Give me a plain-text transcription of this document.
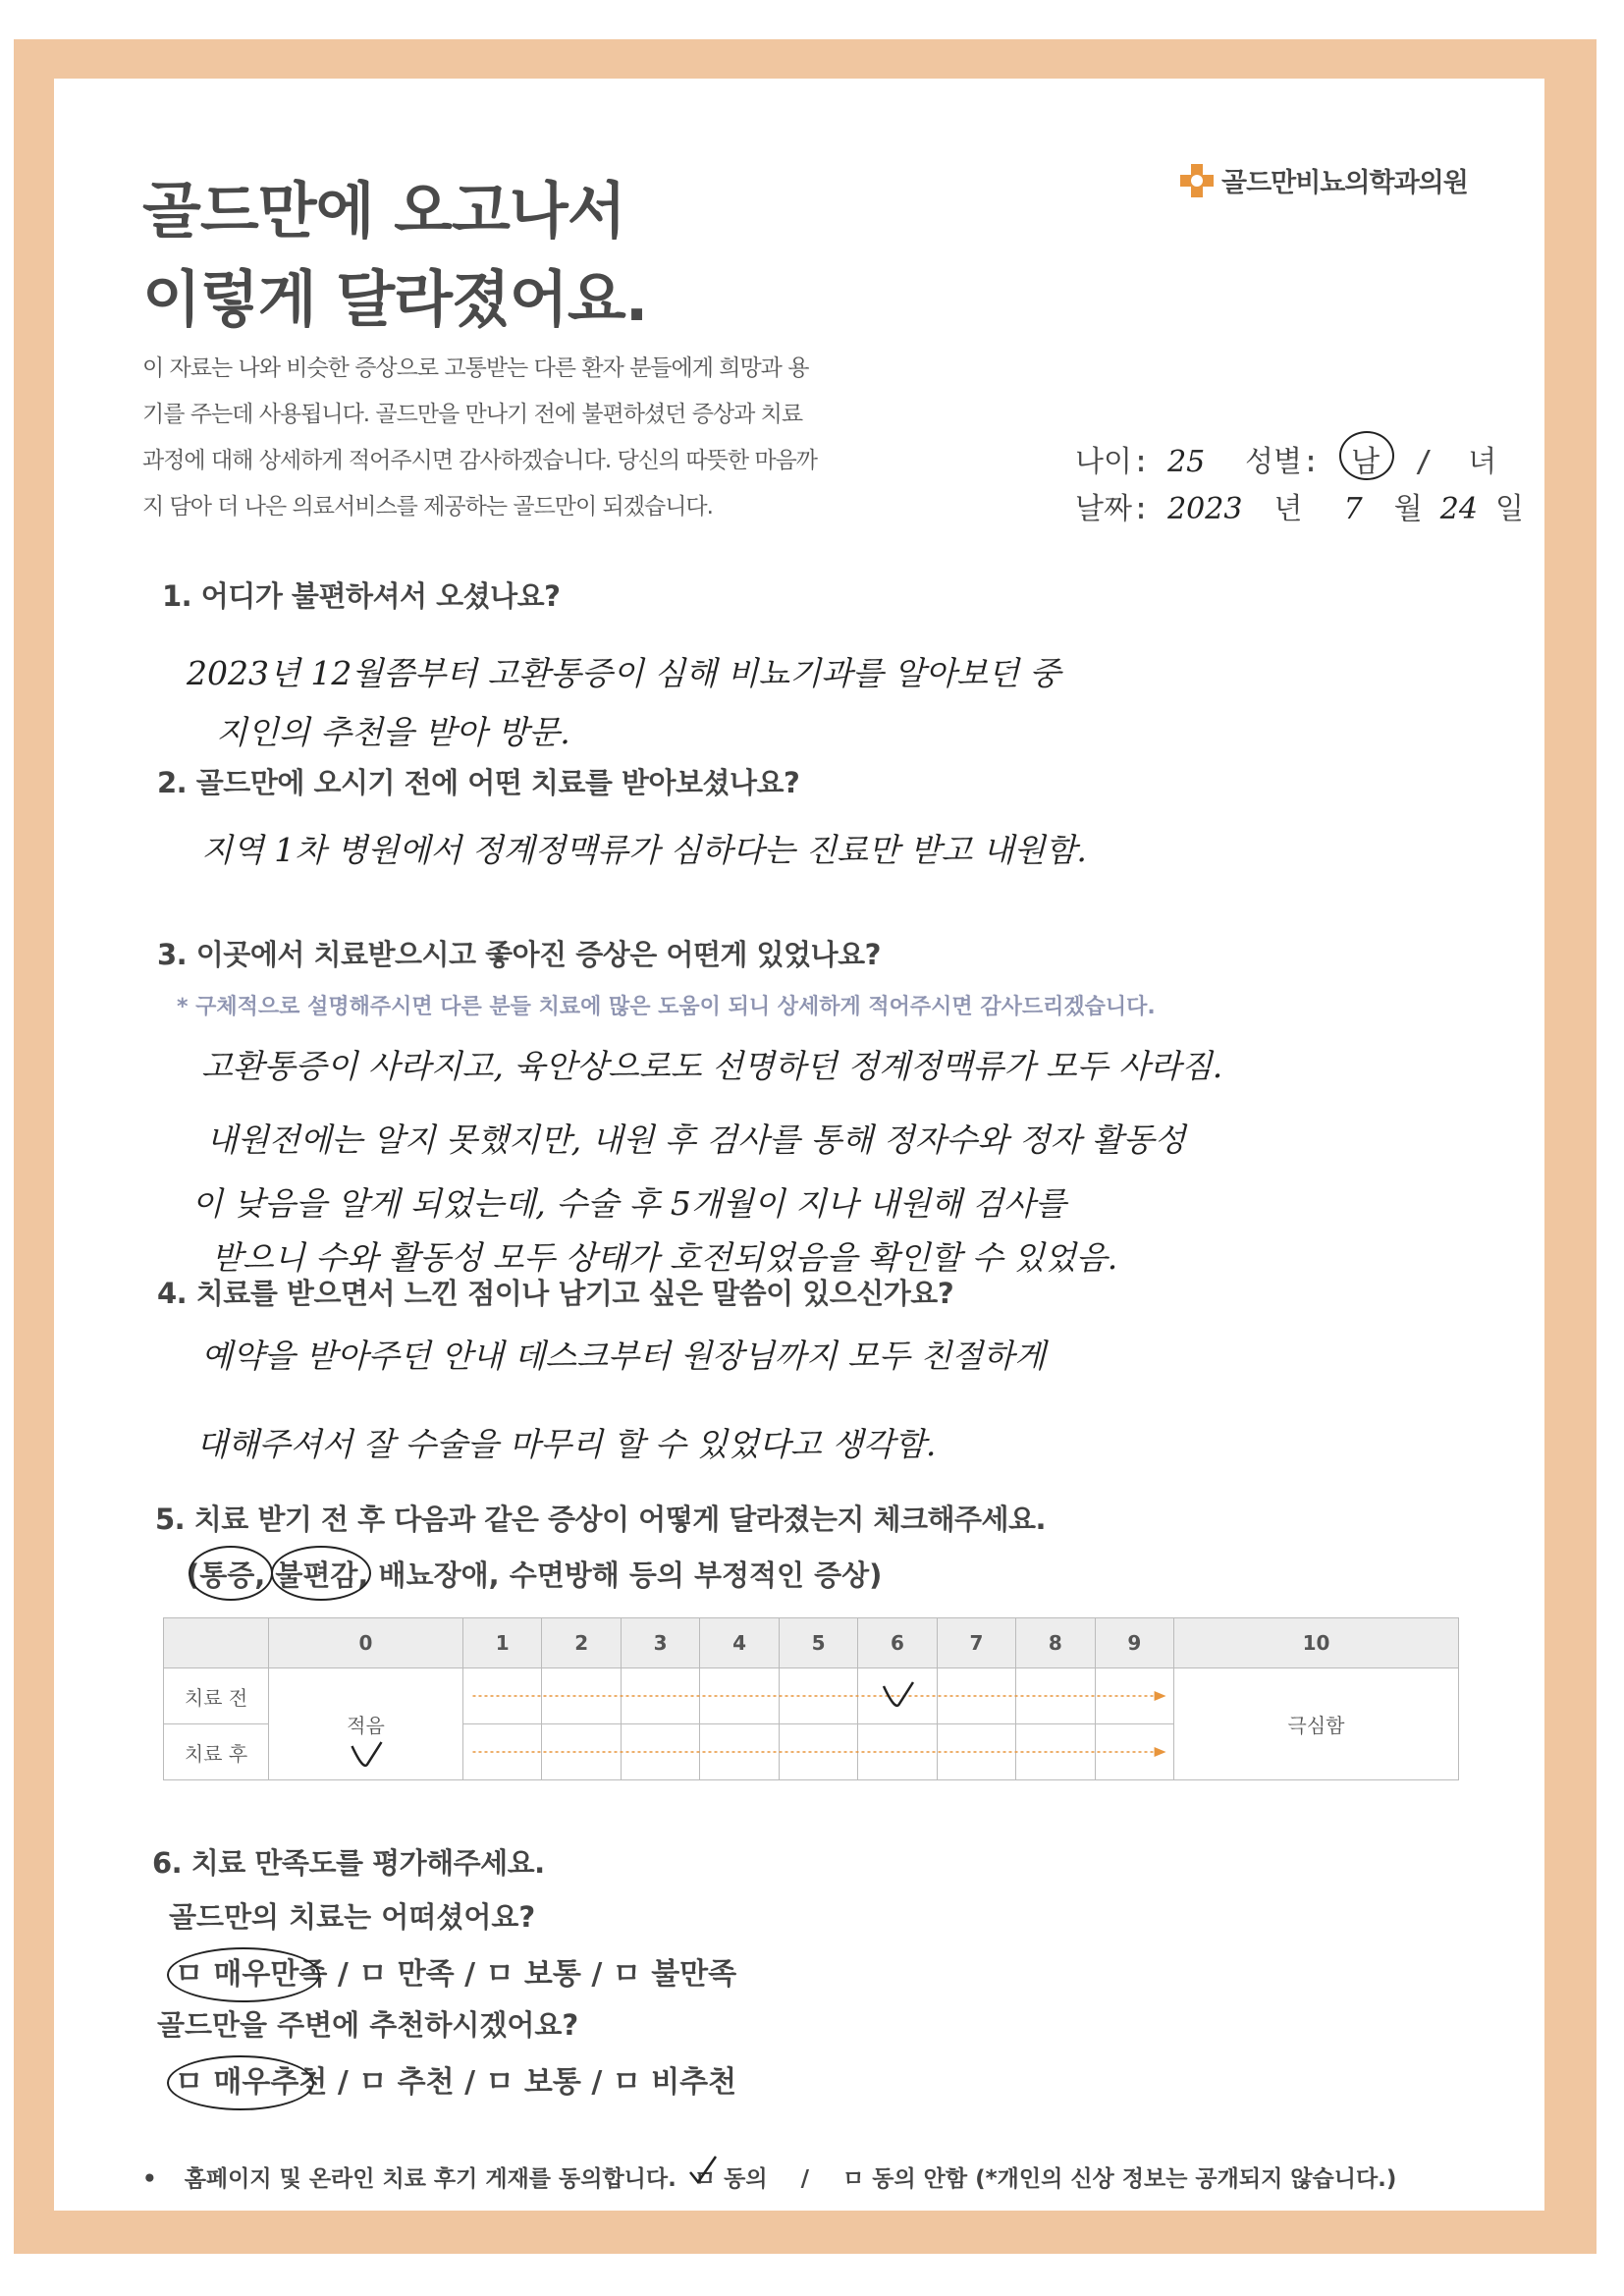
골드만비뇨의학과의원
골드만에 오고나서
이렇게 달라졌어요.
이 자료는 나와 비슷한 증상으로 고통받는 다른 환자 분들에게 희망과 용
기를 주는데 사용됩니다. 골드만을 만나기 전에 불편하셨던 증상과 치료
과정에 대해 상세하게 적어주시면 감사하겠습니다. 당신의 따뜻한 마음까
지 담아 더 나은 의료서비스를 제공하는 골드만이 되겠습니다.
나이: 25 성별: 남 / 녀
날짜: 2023 년 7 월 24 일
1. 어디가 불편하셔서 오셨나요?
2023년 12월쯤부터 고환통증이 심해 비뇨기과를 알아보던 중
지인의 추천을 받아 방문.
2. 골드만에 오시기 전에 어떤 치료를 받아보셨나요?
지역 1차 병원에서 정계정맥류가 심하다는 진료만 받고 내원함.
3. 이곳에서 치료받으시고 좋아진 증상은 어떤게 있었나요?
* 구체적으로 설명해주시면 다른 분들 치료에 많은 도움이 되니 상세하게 적어주시면 감사드리겠습니다.
고환통증이 사라지고, 육안상으로도 선명하던 정계정맥류가 모두 사라짐.
내원전에는 알지 못했지만, 내원 후 검사를 통해 정자수와 정자 활동성
이 낮음을 알게 되었는데, 수술 후 5개월이 지나 내원해 검사를
받으니 수와 활동성 모두 상태가 호전되었음을 확인할 수 있었음.
4. 치료를 받으면서 느낀 점이나 남기고 싶은 말씀이 있으신가요?
예약을 받아주던 안내 데스크부터 원장님까지 모두 친절하게
대해주셔서 잘 수술을 마무리 할 수 있었다고 생각함.
5. 치료 받기 전 후 다음과 같은 증상이 어떻게 달라졌는지 체크해주세요.
(통증, 불편감, 배뇨장애, 수면방해 등의 부정적인 증상)
	0	1	2	3	4	5	6	7	8	9	10
치료 전	적음										극심함
치료 후											
6. 치료 만족도를 평가해주세요.
골드만의 치료는 어떠셨어요?
ㅁ 매우만족 / ㅁ 만족 / ㅁ 보통 / ㅁ 불만족
골드만을 주변에 추천하시겠어요?
ㅁ 매우추천 / ㅁ 추천 / ㅁ 보통 / ㅁ 비추천
• 홈페이지 및 온라인 치료 후기 게재를 동의합니다. ㅁ 동의 / ㅁ 동의 안함 (*개인의 신상 정보는 공개되지 않습니다.)
